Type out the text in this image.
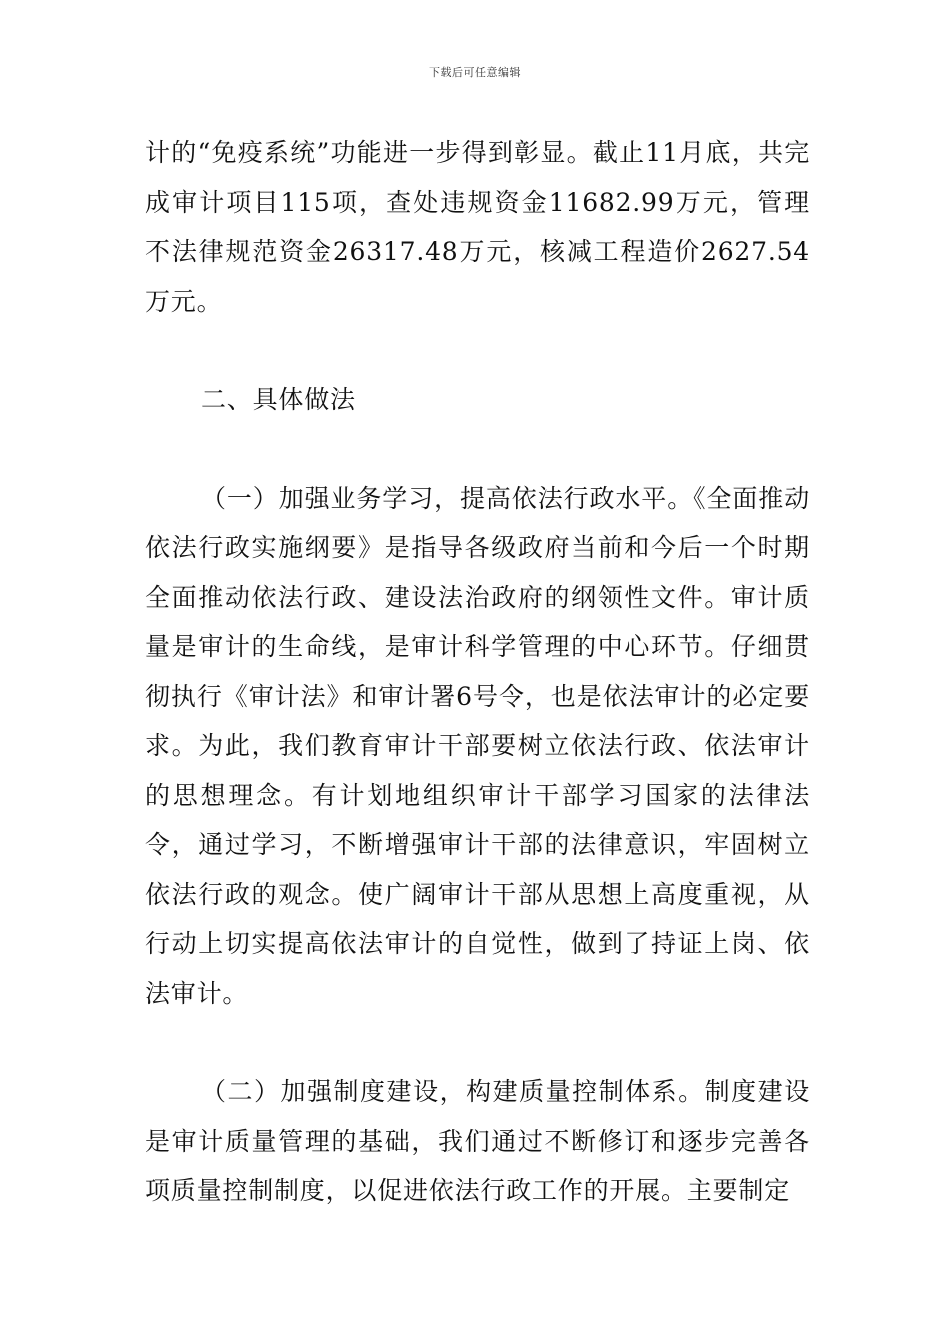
下载后可任意编辑

计的“免疫系统”功能进一步得到彰显。截止11月底，共完成审计项目115项，查处违规资金11682.99万元，管理不法律规范资金26317.48万元，核减工程造价2627.54万元。

二、具体做法

（一）加强业务学习，提高依法行政水平。《全面推动依法行政实施纲要》是指导各级政府当前和今后一个时期全面推动依法行政、建设法治政府的纲领性文件。审计质量是审计的生命线，是审计科学管理的中心环节。仔细贯彻执行《审计法》和审计署6号令，也是依法审计的必定要求。为此，我们教育审计干部要树立依法行政、依法审计的思想理念。有计划地组织审计干部学习国家的法律法令，通过学习，不断增强审计干部的法律意识，牢固树立依法行政的观念。使广阔审计干部从思想上高度重视，从行动上切实提高依法审计的自觉性，做到了持证上岗、依法审计。

（二）加强制度建设，构建质量控制体系。制度建设是审计质量管理的基础，我们通过不断修订和逐步完善各项质量控制制度，以促进依法行政工作的开展。主要制定
